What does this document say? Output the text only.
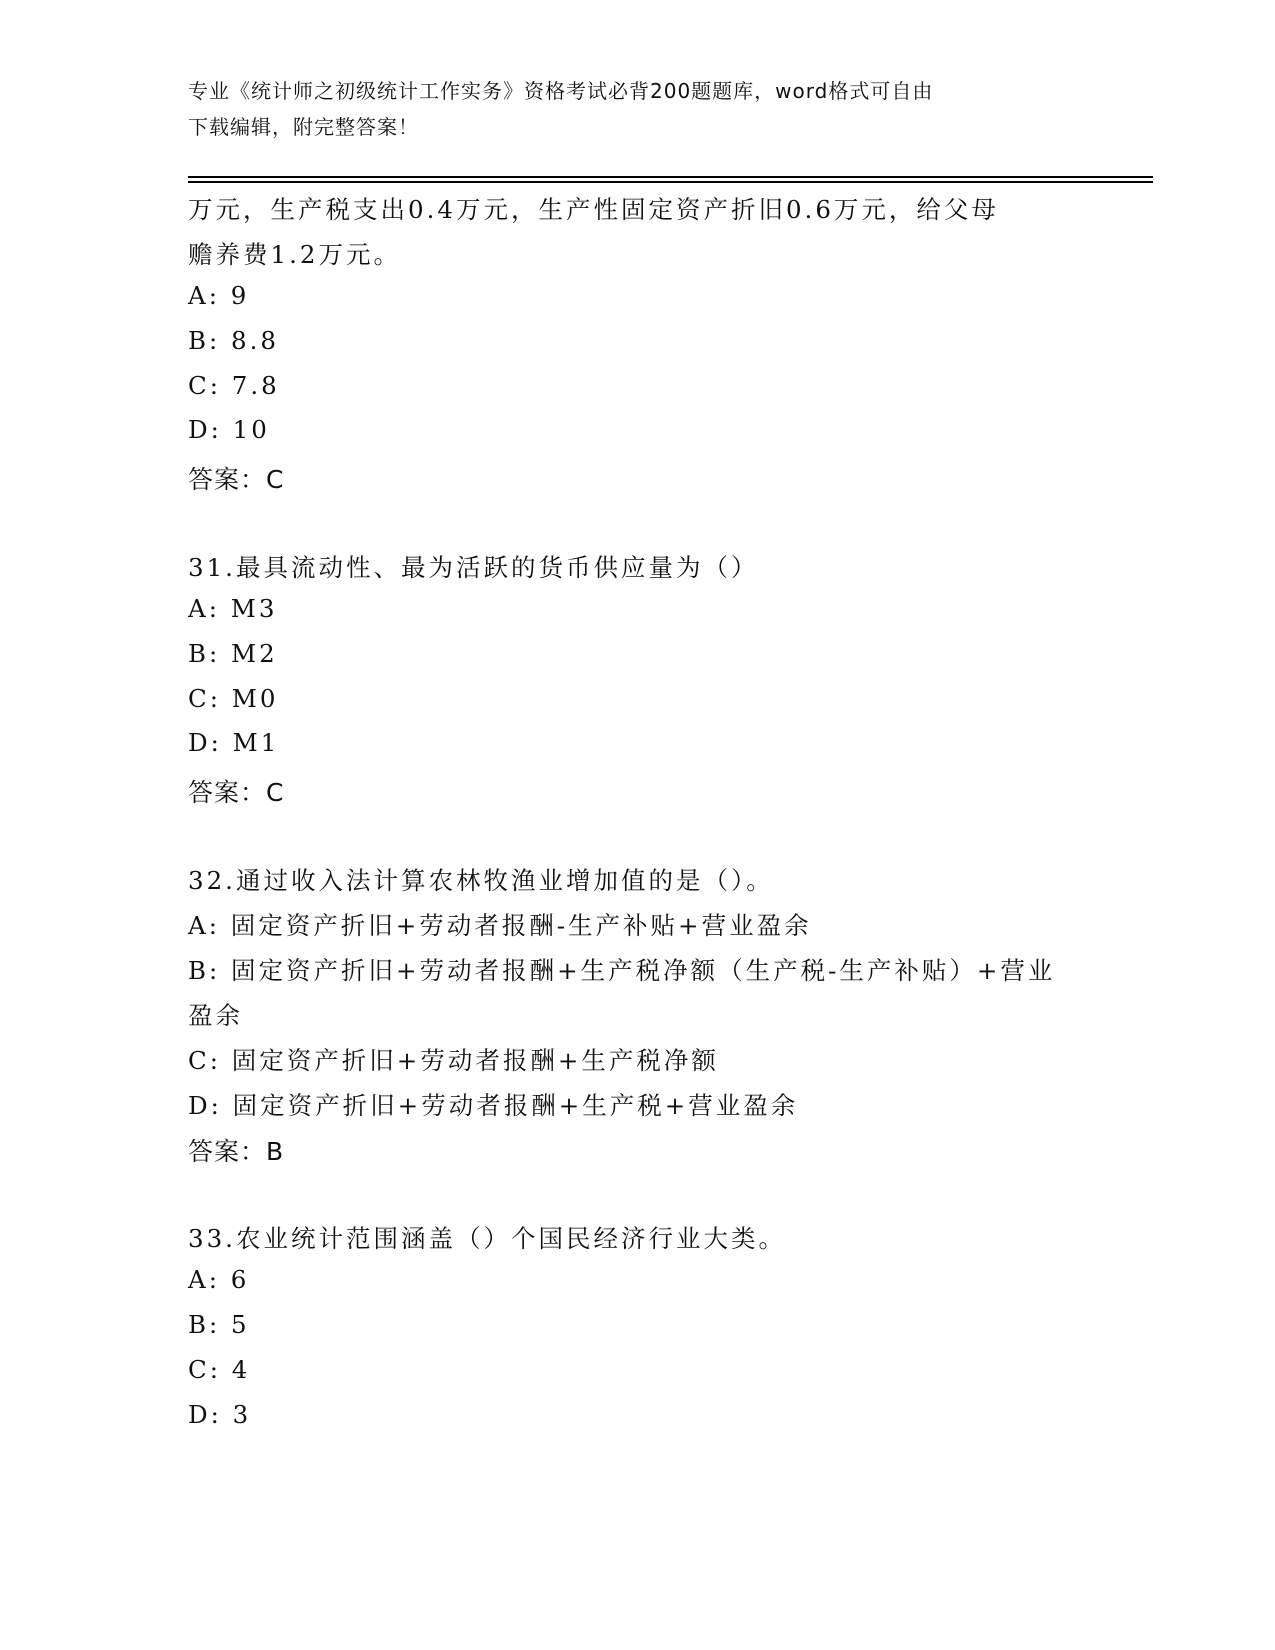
专业《统计师之初级统计工作实务》资格考试必背200题题库，word格式可自由
下载编辑，附完整答案！
万元，生产税支出0.4万元，生产性固定资产折旧0.6万元，给父母
赡养费1.2万元。
A: 9
B: 8.8
C: 7.8
D: 10
答案：C
31.最具流动性、最为活跃的货币供应量为（）
A: M3
B: M2
C: M0
D: M1
答案：C
32.通过收入法计算农林牧渔业增加值的是（）。
A: 固定资产折旧+劳动者报酬-生产补贴+营业盈余
B: 固定资产折旧+劳动者报酬+生产税净额（生产税-生产补贴）+营业
盈余
C: 固定资产折旧+劳动者报酬+生产税净额
D: 固定资产折旧+劳动者报酬+生产税+营业盈余
答案：B
33.农业统计范围涵盖（）个国民经济行业大类。
A: 6
B: 5
C: 4
D: 3
